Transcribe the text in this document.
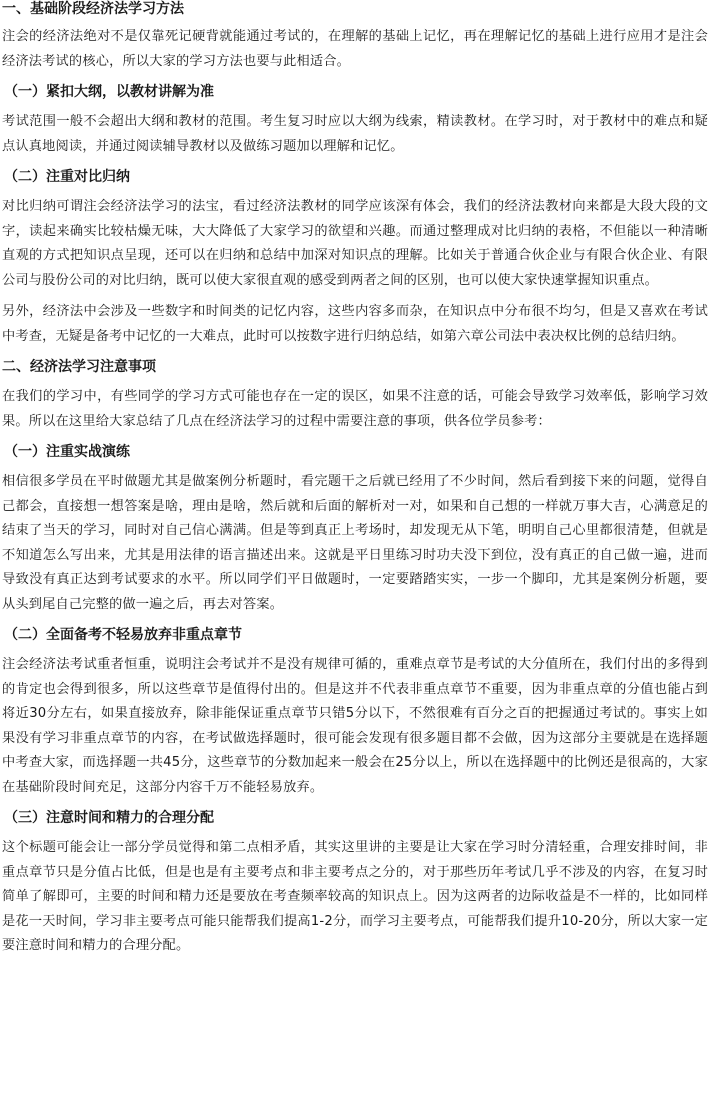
一、基础阶段经济法学习方法

注会的经济法绝对不是仅靠死记硬背就能通过考试的，在理解的基础上记忆，再在理解记忆的基础上进行应用才是注会经济法考试的核心，所以大家的学习方法也要与此相适合。

（一）紧扣大纲，以教材讲解为准

考试范围一般不会超出大纲和教材的范围。考生复习时应以大纲为线索，精读教材。在学习时，对于教材中的难点和疑点认真地阅读，并通过阅读辅导教材以及做练习题加以理解和记忆。

（二）注重对比归纳

对比归纳可谓注会经济法学习的法宝，看过经济法教材的同学应该深有体会，我们的经济法教材向来都是大段大段的文字，读起来确实比较枯燥无味，大大降低了大家学习的欲望和兴趣。而通过整理成对比归纳的表格，不但能以一种清晰直观的方式把知识点呈现，还可以在归纳和总结中加深对知识点的理解。比如关于普通合伙企业与有限合伙企业、有限公司与股份公司的对比归纳，既可以使大家很直观的感受到两者之间的区别，也可以使大家快速掌握知识重点。

另外，经济法中会涉及一些数字和时间类的记忆内容，这些内容多而杂，在知识点中分布很不均匀，但是又喜欢在考试中考查，无疑是备考中记忆的一大难点，此时可以按数字进行归纳总结，如第六章公司法中表决权比例的总结归纳。

二、经济法学习注意事项

在我们的学习中，有些同学的学习方式可能也存在一定的误区，如果不注意的话，可能会导致学习效率低，影响学习效果。所以在这里给大家总结了几点在经济法学习的过程中需要注意的事项，供各位学员参考：

（一）注重实战演练

相信很多学员在平时做题尤其是做案例分析题时，看完题干之后就已经用了不少时间，然后看到接下来的问题，觉得自己都会，直接想一想答案是啥，理由是啥，然后就和后面的解析对一对，如果和自己想的一样就万事大吉，心满意足的结束了当天的学习，同时对自己信心满满。但是等到真正上考场时，却发现无从下笔，明明自己心里都很清楚，但就是不知道怎么写出来，尤其是用法律的语言描述出来。这就是平日里练习时功夫没下到位，没有真正的自己做一遍，进而导致没有真正达到考试要求的水平。所以同学们平日做题时，一定要踏踏实实，一步一个脚印，尤其是案例分析题，要从头到尾自己完整的做一遍之后，再去对答案。

（二）全面备考不轻易放弃非重点章节

注会经济法考试重者恒重，说明注会考试并不是没有规律可循的，重难点章节是考试的大分值所在，我们付出的多得到的肯定也会得到很多，所以这些章节是值得付出的。但是这并不代表非重点章节不重要，因为非重点章的分值也能占到将近30分左右，如果直接放弃，除非能保证重点章节只错5分以下，不然很难有百分之百的把握通过考试的。事实上如果没有学习非重点章节的内容，在考试做选择题时，很可能会发现有很多题目都不会做，因为这部分主要就是在选择题中考查大家，而选择题一共45分，这些章节的分数加起来一般会在25分以上，所以在选择题中的比例还是很高的，大家在基础阶段时间充足，这部分内容千万不能轻易放弃。

（三）注意时间和精力的合理分配

这个标题可能会让一部分学员觉得和第二点相矛盾，其实这里讲的主要是让大家在学习时分清轻重，合理安排时间，非重点章节只是分值占比低，但是也是有主要考点和非主要考点之分的，对于那些历年考试几乎不涉及的内容，在复习时简单了解即可，主要的时间和精力还是要放在考查频率较高的知识点上。因为这两者的边际收益是不一样的，比如同样是花一天时间，学习非主要考点可能只能帮我们提高1-2分，而学习主要考点，可能帮我们提升10-20分，所以大家一定要注意时间和精力的合理分配。
